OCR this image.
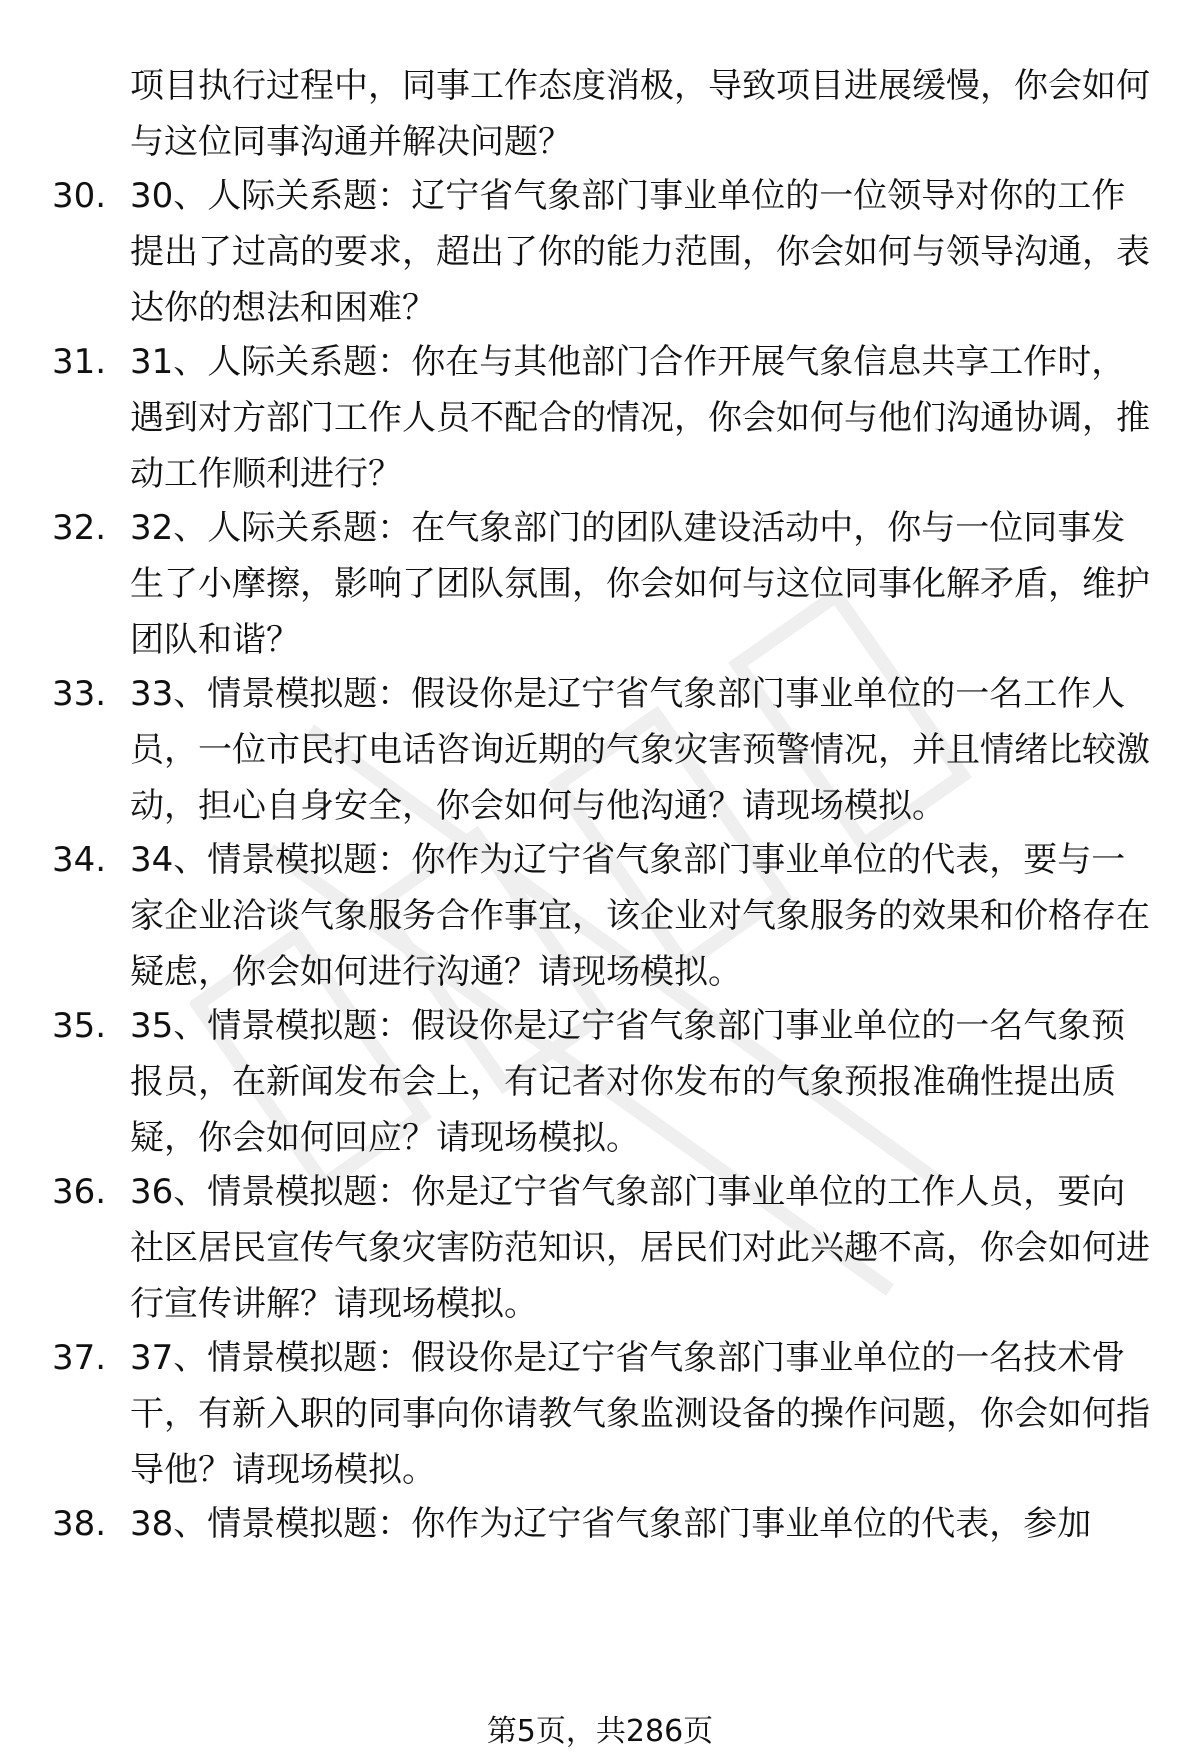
项目执行过程中，同事工作态度消极，导致项目进展缓慢，你会如何与这位同事沟通并解决问题？

30. 30、人际关系题：辽宁省气象部门事业单位的一位领导对你的工作提出了过高的要求，超出了你的能力范围，你会如何与领导沟通，表达你的想法和困难？
31. 31、人际关系题：你在与其他部门合作开展气象信息共享工作时，遇到对方部门工作人员不配合的情况，你会如何与他们沟通协调，推动工作顺利进行？
32. 32、人际关系题：在气象部门的团队建设活动中，你与一位同事发生了小摩擦，影响了团队氛围，你会如何与这位同事化解矛盾，维护团队和谐？
33. 33、情景模拟题：假设你是辽宁省气象部门事业单位的一名工作人员，一位市民打电话咨询近期的气象灾害预警情况，并且情绪比较激动，担心自身安全，你会如何与他沟通？请现场模拟。
34. 34、情景模拟题：你作为辽宁省气象部门事业单位的代表，要与一家企业洽谈气象服务合作事宜，该企业对气象服务的效果和价格存在疑虑，你会如何进行沟通？请现场模拟。
35. 35、情景模拟题：假设你是辽宁省气象部门事业单位的一名气象预报员，在新闻发布会上，有记者对你发布的气象预报准确性提出质疑，你会如何回应？请现场模拟。
36. 36、情景模拟题：你是辽宁省气象部门事业单位的工作人员，要向社区居民宣传气象灾害防范知识，居民们对此兴趣不高，你会如何进行宣传讲解？请现场模拟。
37. 37、情景模拟题：假设你是辽宁省气象部门事业单位的一名技术骨干，有新入职的同事向你请教气象监测设备的操作问题，你会如何指导他？请现场模拟。
38. 38、情景模拟题：你作为辽宁省气象部门事业单位的代表，参加
第5页，共286页
